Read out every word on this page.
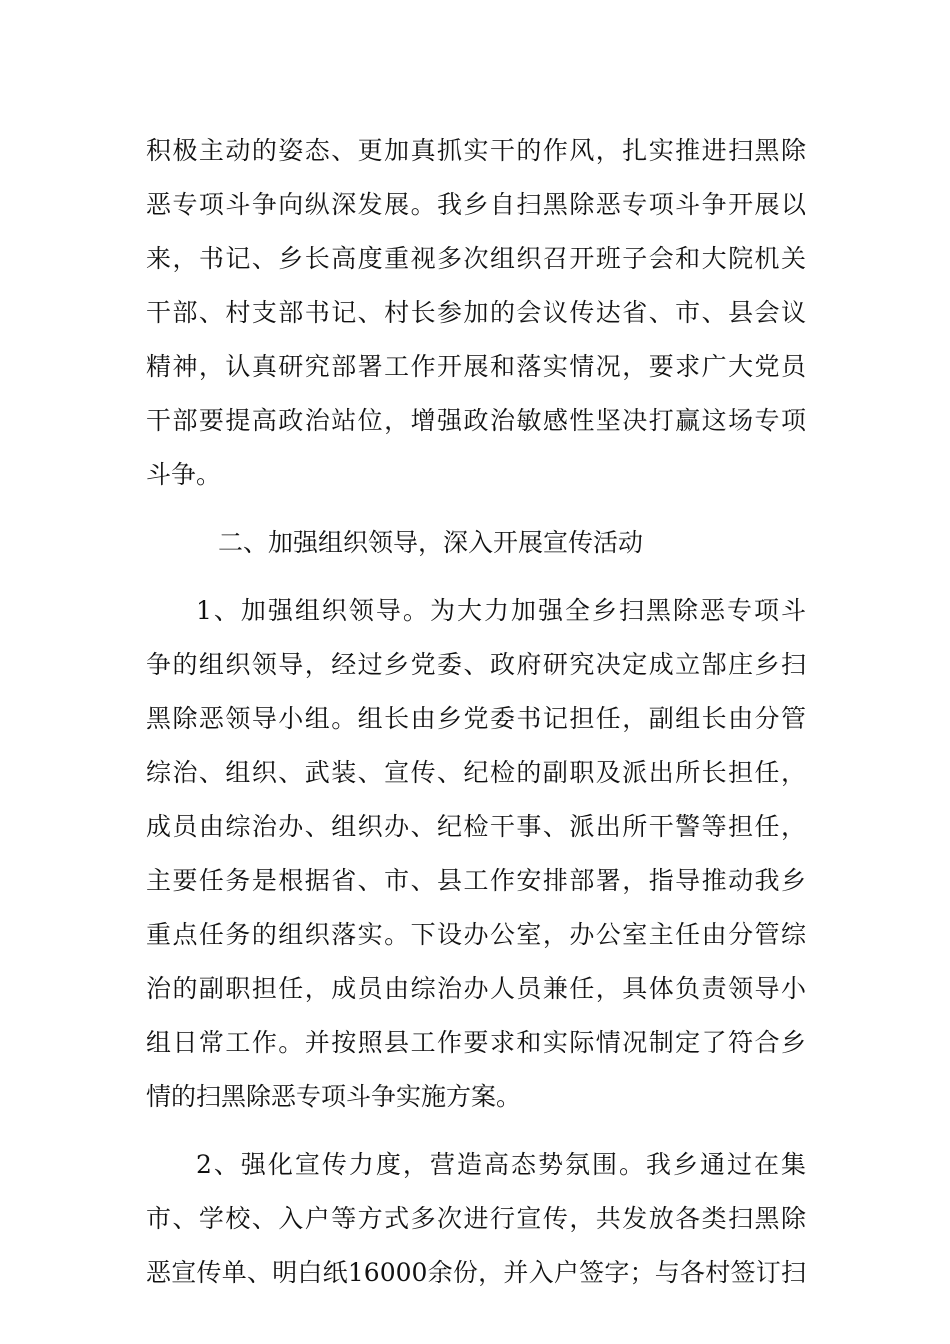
积极主动的姿态、更加真抓实干的作风，扎实推进扫黑除
恶专项斗争向纵深发展。我乡自扫黑除恶专项斗争开展以
来，书记、乡长高度重视多次组织召开班子会和大院机关
干部、村支部书记、村长参加的会议传达省、市、县会议
精神，认真研究部署工作开展和落实情况，要求广大党员
干部要提高政治站位，增强政治敏感性坚决打赢这场专项
斗争。
二、加强组织领导，深入开展宣传活动
1、加强组织领导。为大力加强全乡扫黑除恶专项斗
争的组织领导，经过乡党委、政府研究决定成立郜庄乡扫
黑除恶领导小组。组长由乡党委书记担任，副组长由分管
综治、组织、武装、宣传、纪检的副职及派出所长担任，
成员由综治办、组织办、纪检干事、派出所干警等担任，
主要任务是根据省、市、县工作安排部署，指导推动我乡
重点任务的组织落实。下设办公室，办公室主任由分管综
治的副职担任，成员由综治办人员兼任，具体负责领导小
组日常工作。并按照县工作要求和实际情况制定了符合乡
情的扫黑除恶专项斗争实施方案。
2、强化宣传力度，营造高态势氛围。我乡通过在集
市、学校、入户等方式多次进行宣传，共发放各类扫黑除
恶宣传单、明白纸16000余份，并入户签字；与各村签订扫
